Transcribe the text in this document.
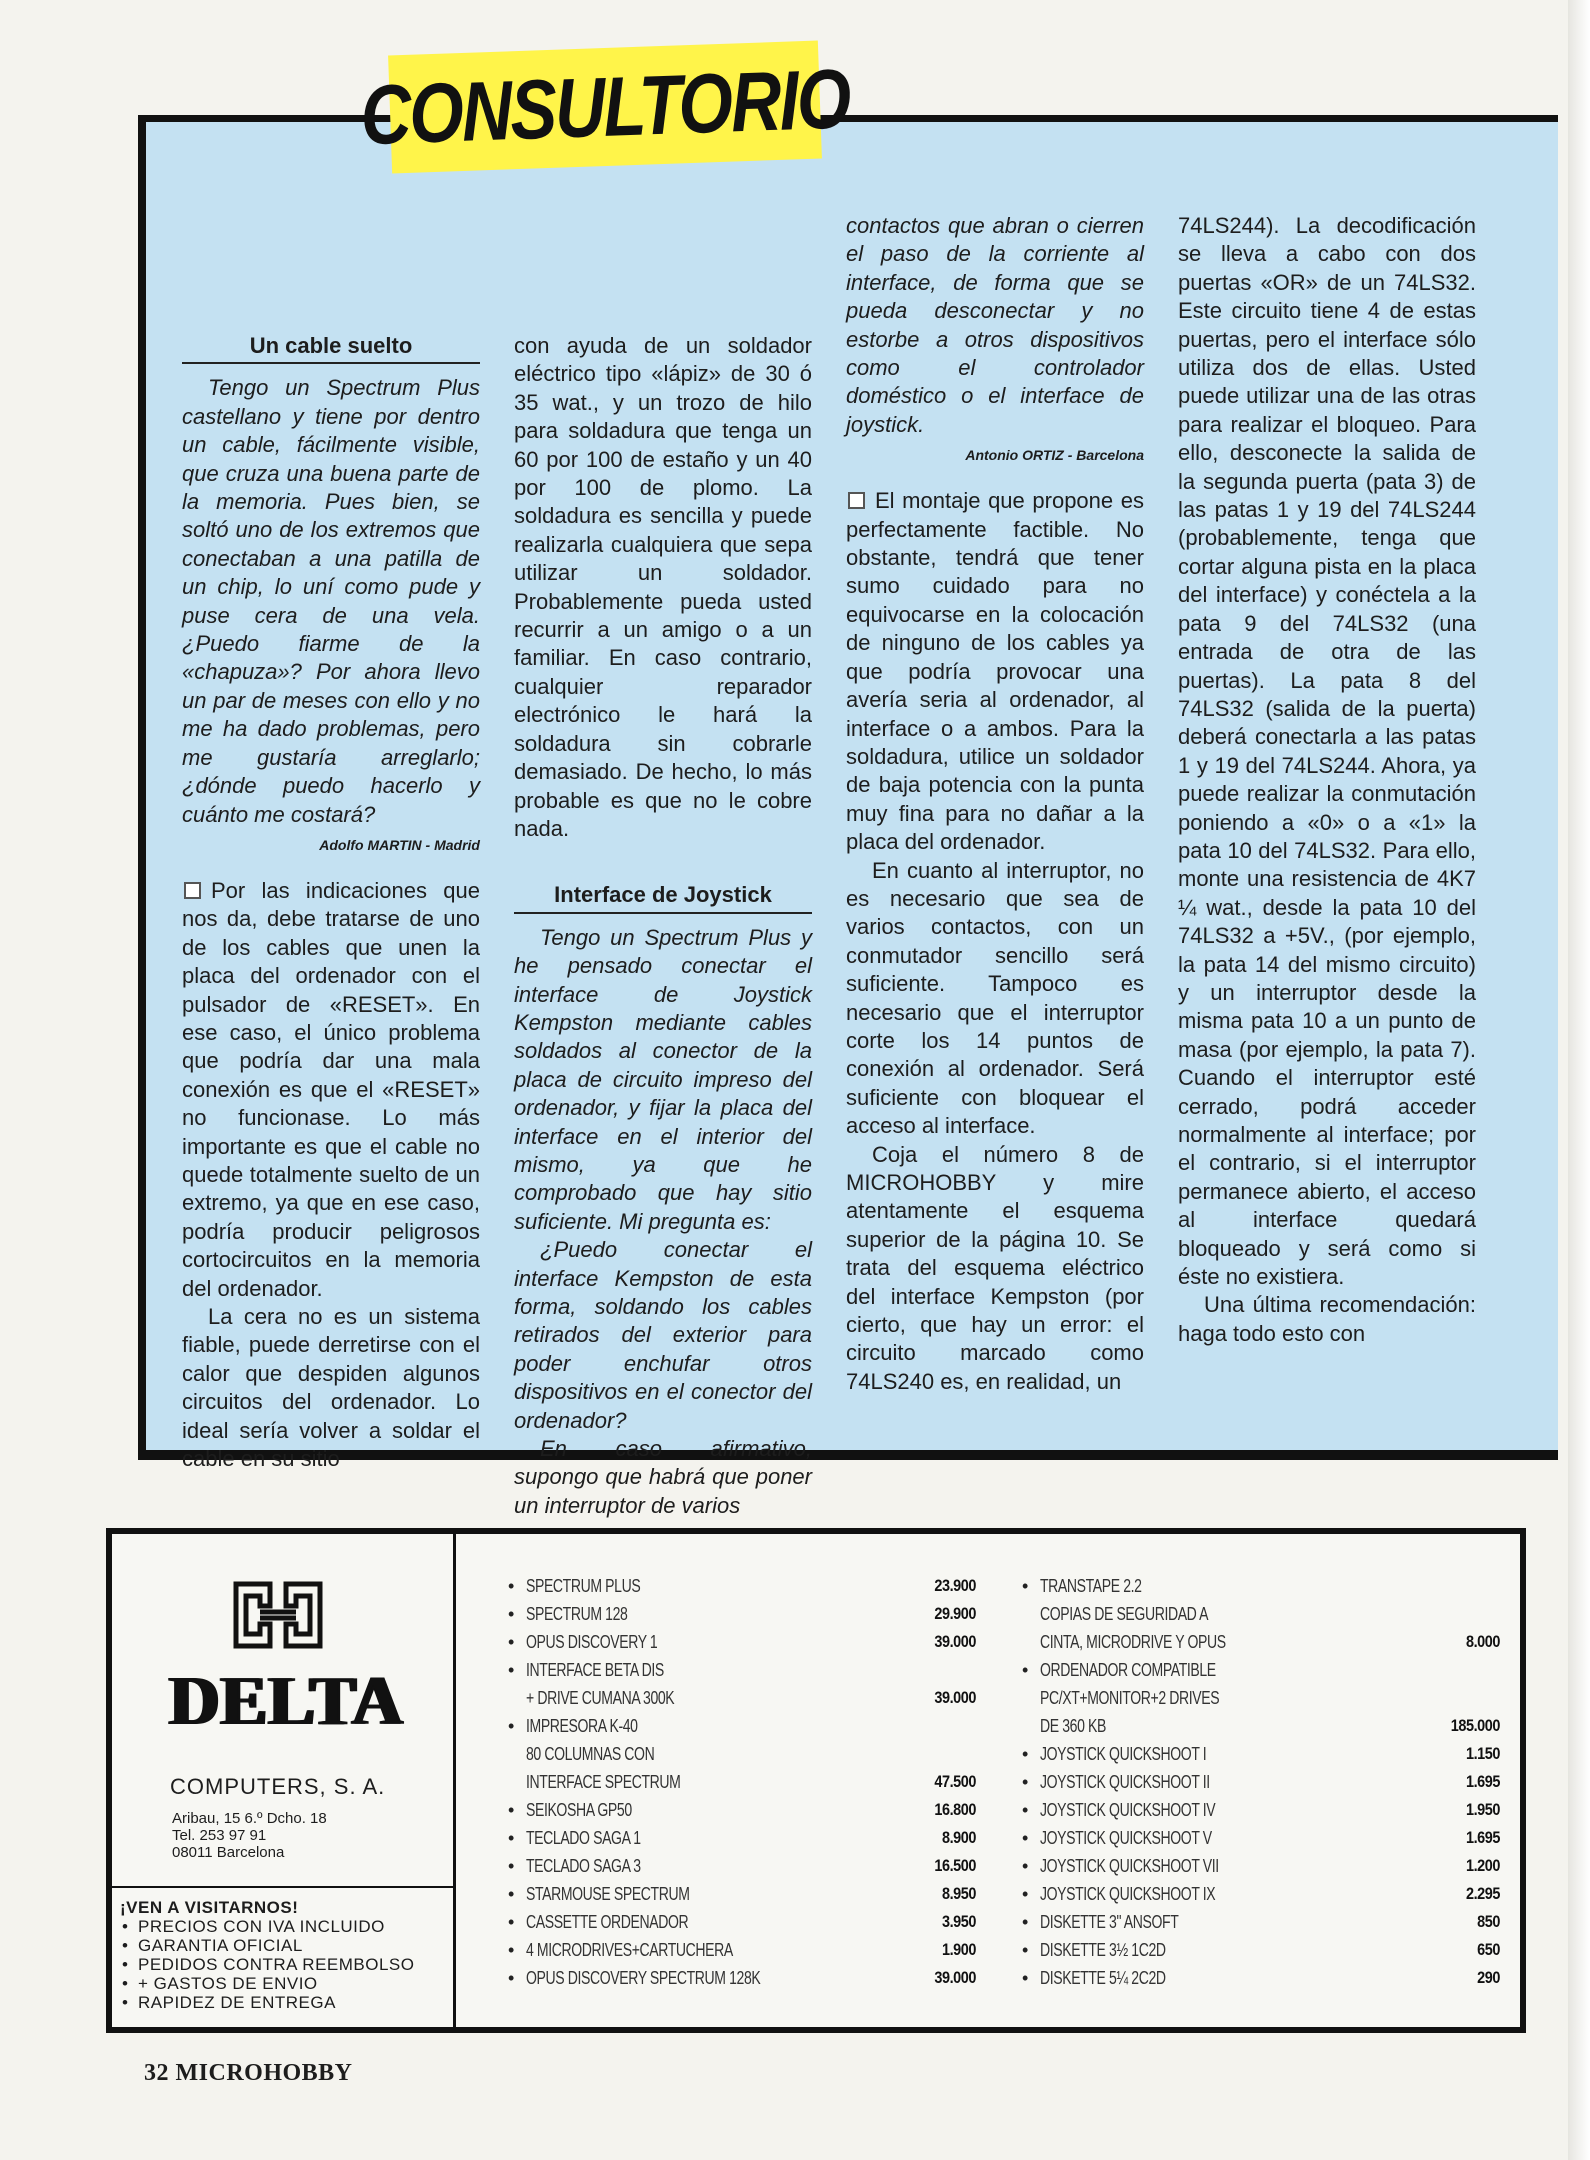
CONSULTORIO
Un cable suelto

Tengo un Spectrum Plus castellano y tiene por dentro un cable, fácilmente visible, que cruza una buena parte de la memoria. Pues bien, se soltó uno de los extremos que conectaban a una patilla de un chip, lo uní como pude y puse cera de una vela. ¿Puedo fiarme de la «chapuza»? Por ahora llevo un par de meses con ello y no me ha dado problemas, pero me gustaría arreglarlo; ¿dónde puedo hacerlo y cuánto me costará?

Adolfo MARTIN - Madrid

Por las indicaciones que nos da, debe tratarse de uno de los cables que unen la placa del ordenador con el pulsador de «RESET». En ese caso, el único problema que podría dar una mala conexión es que el «RESET» no funcionase. Lo más importante es que el cable no quede totalmente suelto de un extremo, ya que en ese caso, podría producir peligrosos cortocircuitos en la memoria del ordenador.

La cera no es un sistema fiable, puede derretirse con el calor que despiden algunos circuitos del ordenador. Lo ideal sería volver a soldar el cable en su sitio

con ayuda de un soldador eléctrico tipo «lápiz» de 30 ó 35 wat., y un trozo de hilo para soldadura que tenga un 60 por 100 de estaño y un 40 por 100 de plomo. La soldadura es sencilla y puede realizarla cualquiera que sepa utilizar un soldador. Probablemente pueda usted recurrir a un amigo o a un familiar. En caso contrario, cualquier reparador electrónico le hará la soldadura sin cobrarle demasiado. De hecho, lo más probable es que no le cobre nada.

Interface de Joystick

Tengo un Spectrum Plus y he pensado conectar el interface de Joystick Kempston mediante cables soldados al conector de la placa de circuito impreso del ordenador, y fijar la placa del interface en el interior del mismo, ya que he comprobado que hay sitio suficiente. Mi pregunta es:

¿Puedo conectar el interface Kempston de esta forma, soldando los cables retirados del exterior para poder enchufar otros dispositivos en el conector del ordenador?

En caso afirmativo, supongo que habrá que poner un interruptor de varios

contactos que abran o cierren el paso de la corriente al interface, de forma que se pueda desconectar y no estorbe a otros dispositivos como el controlador doméstico o el interface de joystick.

Antonio ORTIZ - Barcelona

El montaje que propone es perfectamente factible. No obstante, tendrá que tener sumo cuidado para no equivocarse en la colocación de ninguno de los cables ya que podría provocar una avería seria al ordenador, al interface o a ambos. Para la soldadura, utilice un soldador de baja potencia con la punta muy fina para no dañar a la placa del ordenador.

En cuanto al interruptor, no es necesario que sea de varios contactos, con un conmutador sencillo será suficiente. Tampoco es necesario que el interruptor corte los 14 puntos de conexión al ordenador. Será suficiente con bloquear el acceso al interface.

Coja el número 8 de MICROHOBBY y mire atentamente el esquema superior de la página 10. Se trata del esquema eléctrico del interface Kempston (por cierto, que hay un error: el circuito marcado como 74LS240 es, en realidad, un

74LS244). La decodificación se lleva a cabo con dos puertas «OR» de un 74LS32. Este circuito tiene 4 de estas puertas, pero el interface sólo utiliza dos de ellas. Usted puede utilizar una de las otras para realizar el bloqueo. Para ello, desconecte la salida de la segunda puerta (pata 3) de las patas 1 y 19 del 74LS244 (probablemente, tenga que cortar alguna pista en la placa del interface) y conéctela a la pata 9 del 74LS32 (una entrada de otra de las puertas). La pata 8 del 74LS32 (salida de la puerta) deberá conectarla a las patas 1 y 19 del 74LS244. Ahora, ya puede realizar la conmutación poniendo a «0» o a «1» la pata 10 del 74LS32. Para ello, monte una resistencia de 4K7 ¼ wat., desde la pata 10 del 74LS32 a +5V., (por ejemplo, la pata 14 del mismo circuito) y un interruptor desde la misma pata 10 a un punto de masa (por ejemplo, la pata 7). Cuando el interruptor esté cerrado, podrá acceder normalmente al interface; por el contrario, si el interruptor permanece abierto, el acceso al interface quedará bloqueado y será como si éste no existiera.

Una última recomendación: haga todo esto con

DELTA
COMPUTERS, S. A.
Aribau, 15 6.º Dcho. 18
Tel. 253 97 91
08011 Barcelona
¡VEN A VISITARNOS!
• PRECIOS CON IVA INCLUIDO
• GARANTIA OFICIAL
• PEDIDOS CONTRA REEMBOLSO
• + GASTOS DE ENVIO
• RAPIDEZ DE ENTREGA
• SPECTRUM PLUS	23.900
• SPECTRUM 128	29.900
• OPUS DISCOVERY 1	39.000
• INTERFACE BETA DIS
+ DRIVE CUMANA 300K	39.000
• IMPRESORA K-40
80 COLUMNAS CON
INTERFACE SPECTRUM	47.500
• SEIKOSHA GP50	16.800
• TECLADO SAGA 1	8.900
• TECLADO SAGA 3	16.500
• STARMOUSE SPECTRUM	8.950
• CASSETTE ORDENADOR	3.950
• 4 MICRODRIVES+CARTUCHERA	1.900
• OPUS DISCOVERY SPECTRUM 128K	39.000
• TRANSTAPE 2.2
COPIAS DE SEGURIDAD A
CINTA, MICRODRIVE Y OPUS	8.000
• ORDENADOR COMPATIBLE
PC/XT+MONITOR+2 DRIVES
DE 360 KB	185.000
• JOYSTICK QUICKSHOOT I	1.150
• JOYSTICK QUICKSHOOT II	1.695
• JOYSTICK QUICKSHOOT IV	1.950
• JOYSTICK QUICKSHOOT V	1.695
• JOYSTICK QUICKSHOOT VII	1.200
• JOYSTICK QUICKSHOOT IX	2.295
• DISKETTE 3" ANSOFT	850
• DISKETTE 3½ 1C2D	650
• DISKETTE 5¼ 2C2D	290
32 MICROHOBBY
